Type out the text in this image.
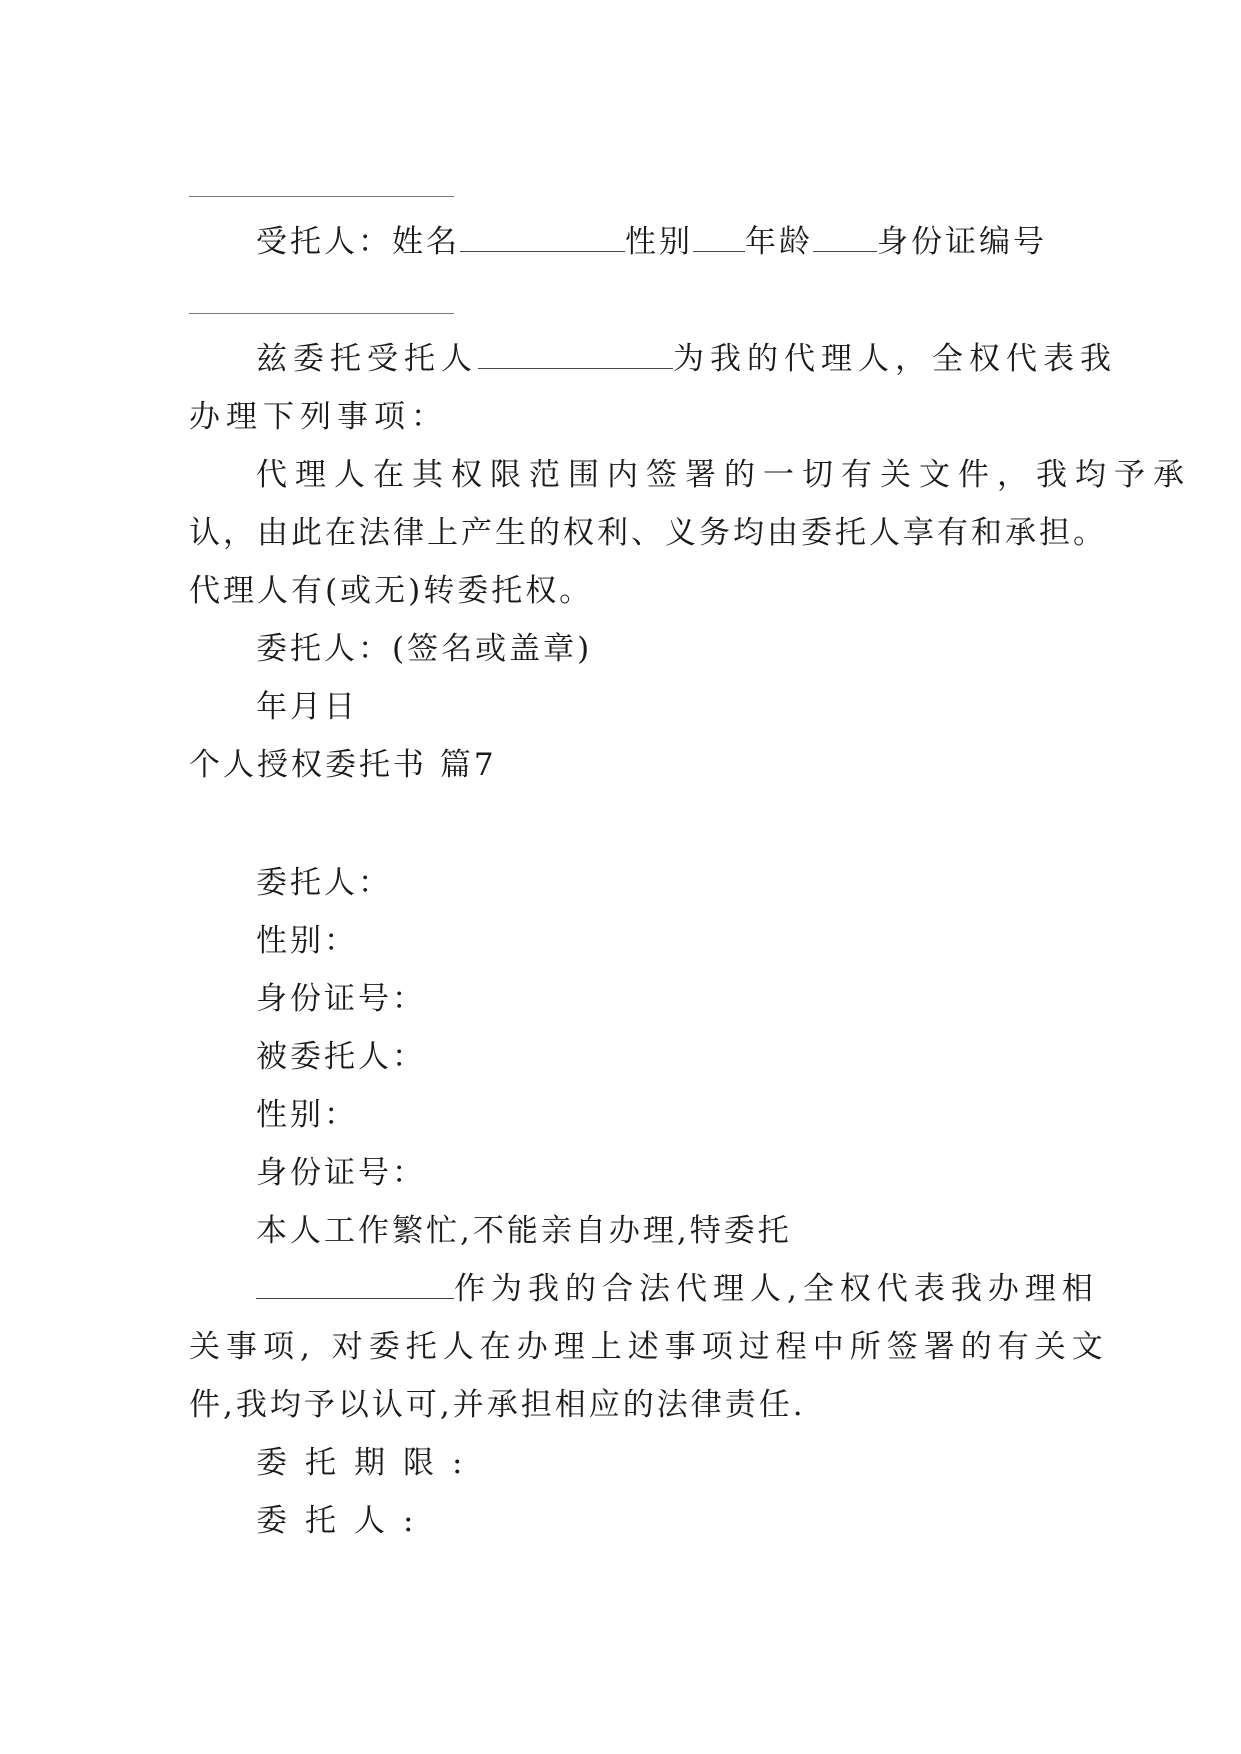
受托人：姓名	性别 年龄 身份证编号
兹委托受托人	为我的代理人，全权代表我
办理下列事项：
代理人在其权限范围内签署的一切有关文件，我均予承
认，由此在法律上产生的权利、义务均由委托人享有和承担。
代理人有(或无)转委托权。
委托人：(签名或盖章)
年月日
个人授权委托书 篇7
委托人：
性别：
身份证号：
被委托人：
性别：
身份证号：
本人工作繁忙,不能亲自办理,特委托
作为我的合法代理人,全权代表我办理相
关事项, 对委托人在办理上述事项过程中所签署的有关文
件,我均予以认可,并承担相应的法律责任.
委托期限:
委托人:
